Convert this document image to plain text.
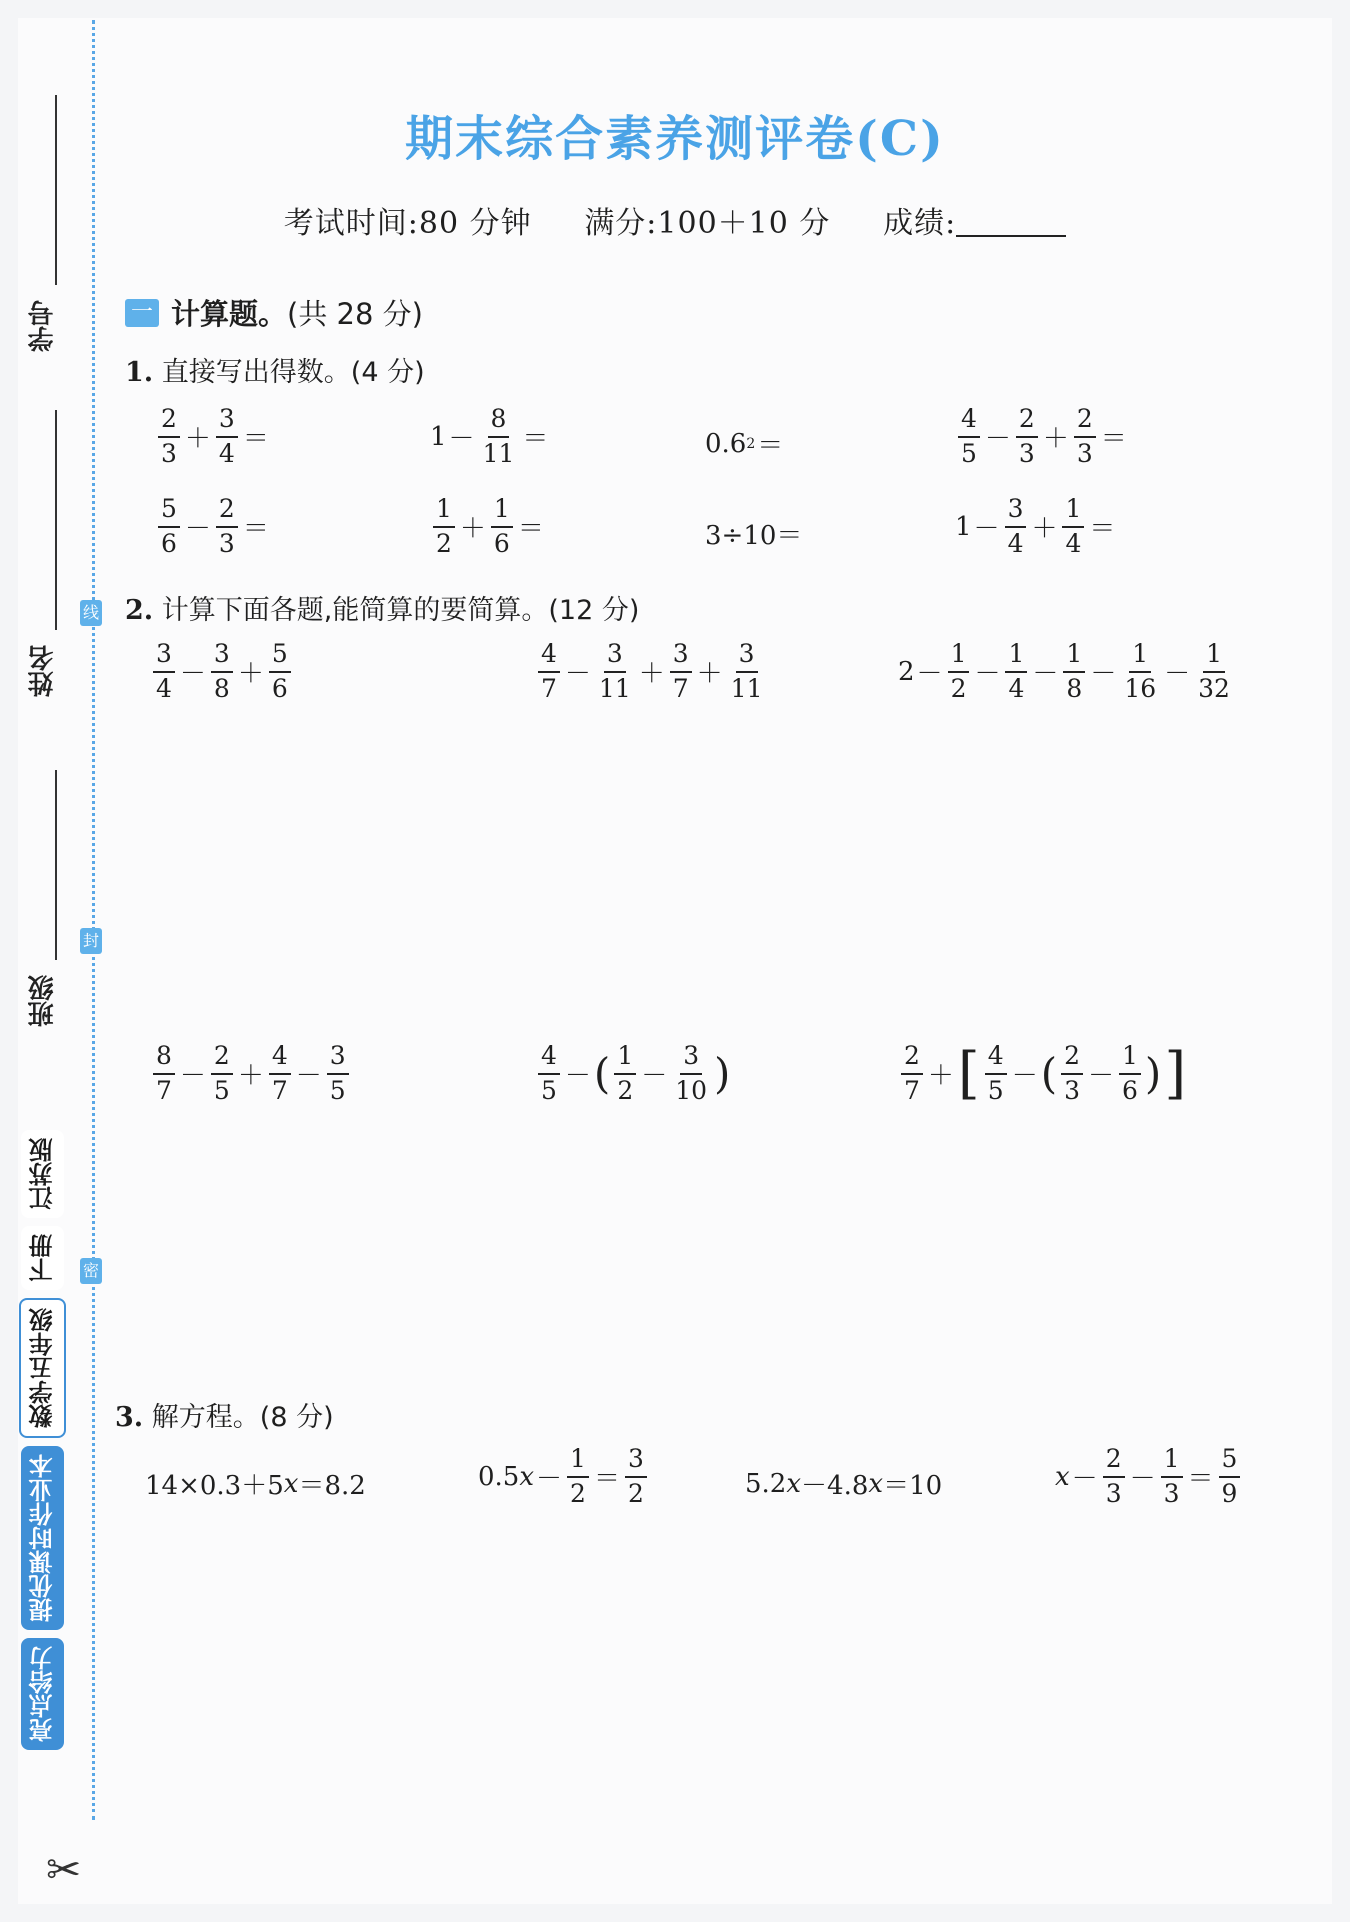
线
封
密
学号
姓名
班级
亮点给力
提优课时作业本
数学五年级
下册
江苏版
✂
期末综合素养测评卷(C)
考试时间:80 分钟 满分:100＋10 分 成绩:
一 计算题。 (共 28 分)
1. 直接写出得数。(4 分)
$\frac{2}{3} + \frac{3}{4}$ ＝	$1 - \frac{8}{11}$ ＝	0.6 2 ＝	$\frac{4}{5} - \frac{2}{3} + \frac{2}{3}$ ＝
$\frac{5}{6} - \frac{2}{3}$ ＝	$\frac{1}{2} + \frac{1}{6}$ ＝	3÷10＝	$1 - \frac{3}{4} + \frac{1}{4}$ ＝
2. 计算下面各题,能简算的要简算。(12 分)
$\frac{3}{4} - \frac{3}{8} + \frac{5}{6}$	$\frac{4}{7} - \frac{3}{11} + \frac{3}{7} + \frac{3}{11}$	$2 - \frac{1}{2} - \frac{1}{4} - \frac{1}{8} - \frac{1}{16} - \frac{1}{32}$
$\frac{8}{7} - \frac{2}{5} + \frac{4}{7} - \frac{3}{5}$	$\frac{4}{5}$ － ( $\frac{1}{2} - \frac{3}{10}$ )	$\frac{2}{7}$ ＋ [ $\frac{4}{5}$ － ( $\frac{2}{3} - \frac{1}{6}$ ) ]
3. 解方程。(8 分)
14×0.3＋5 x ＝8.2	0.5 $x - \frac{1}{2} = \frac{3}{2}$	5.2 x －4.8 x ＝10	$x - \frac{2}{3} - \frac{1}{3} = \frac{5}{9}$
